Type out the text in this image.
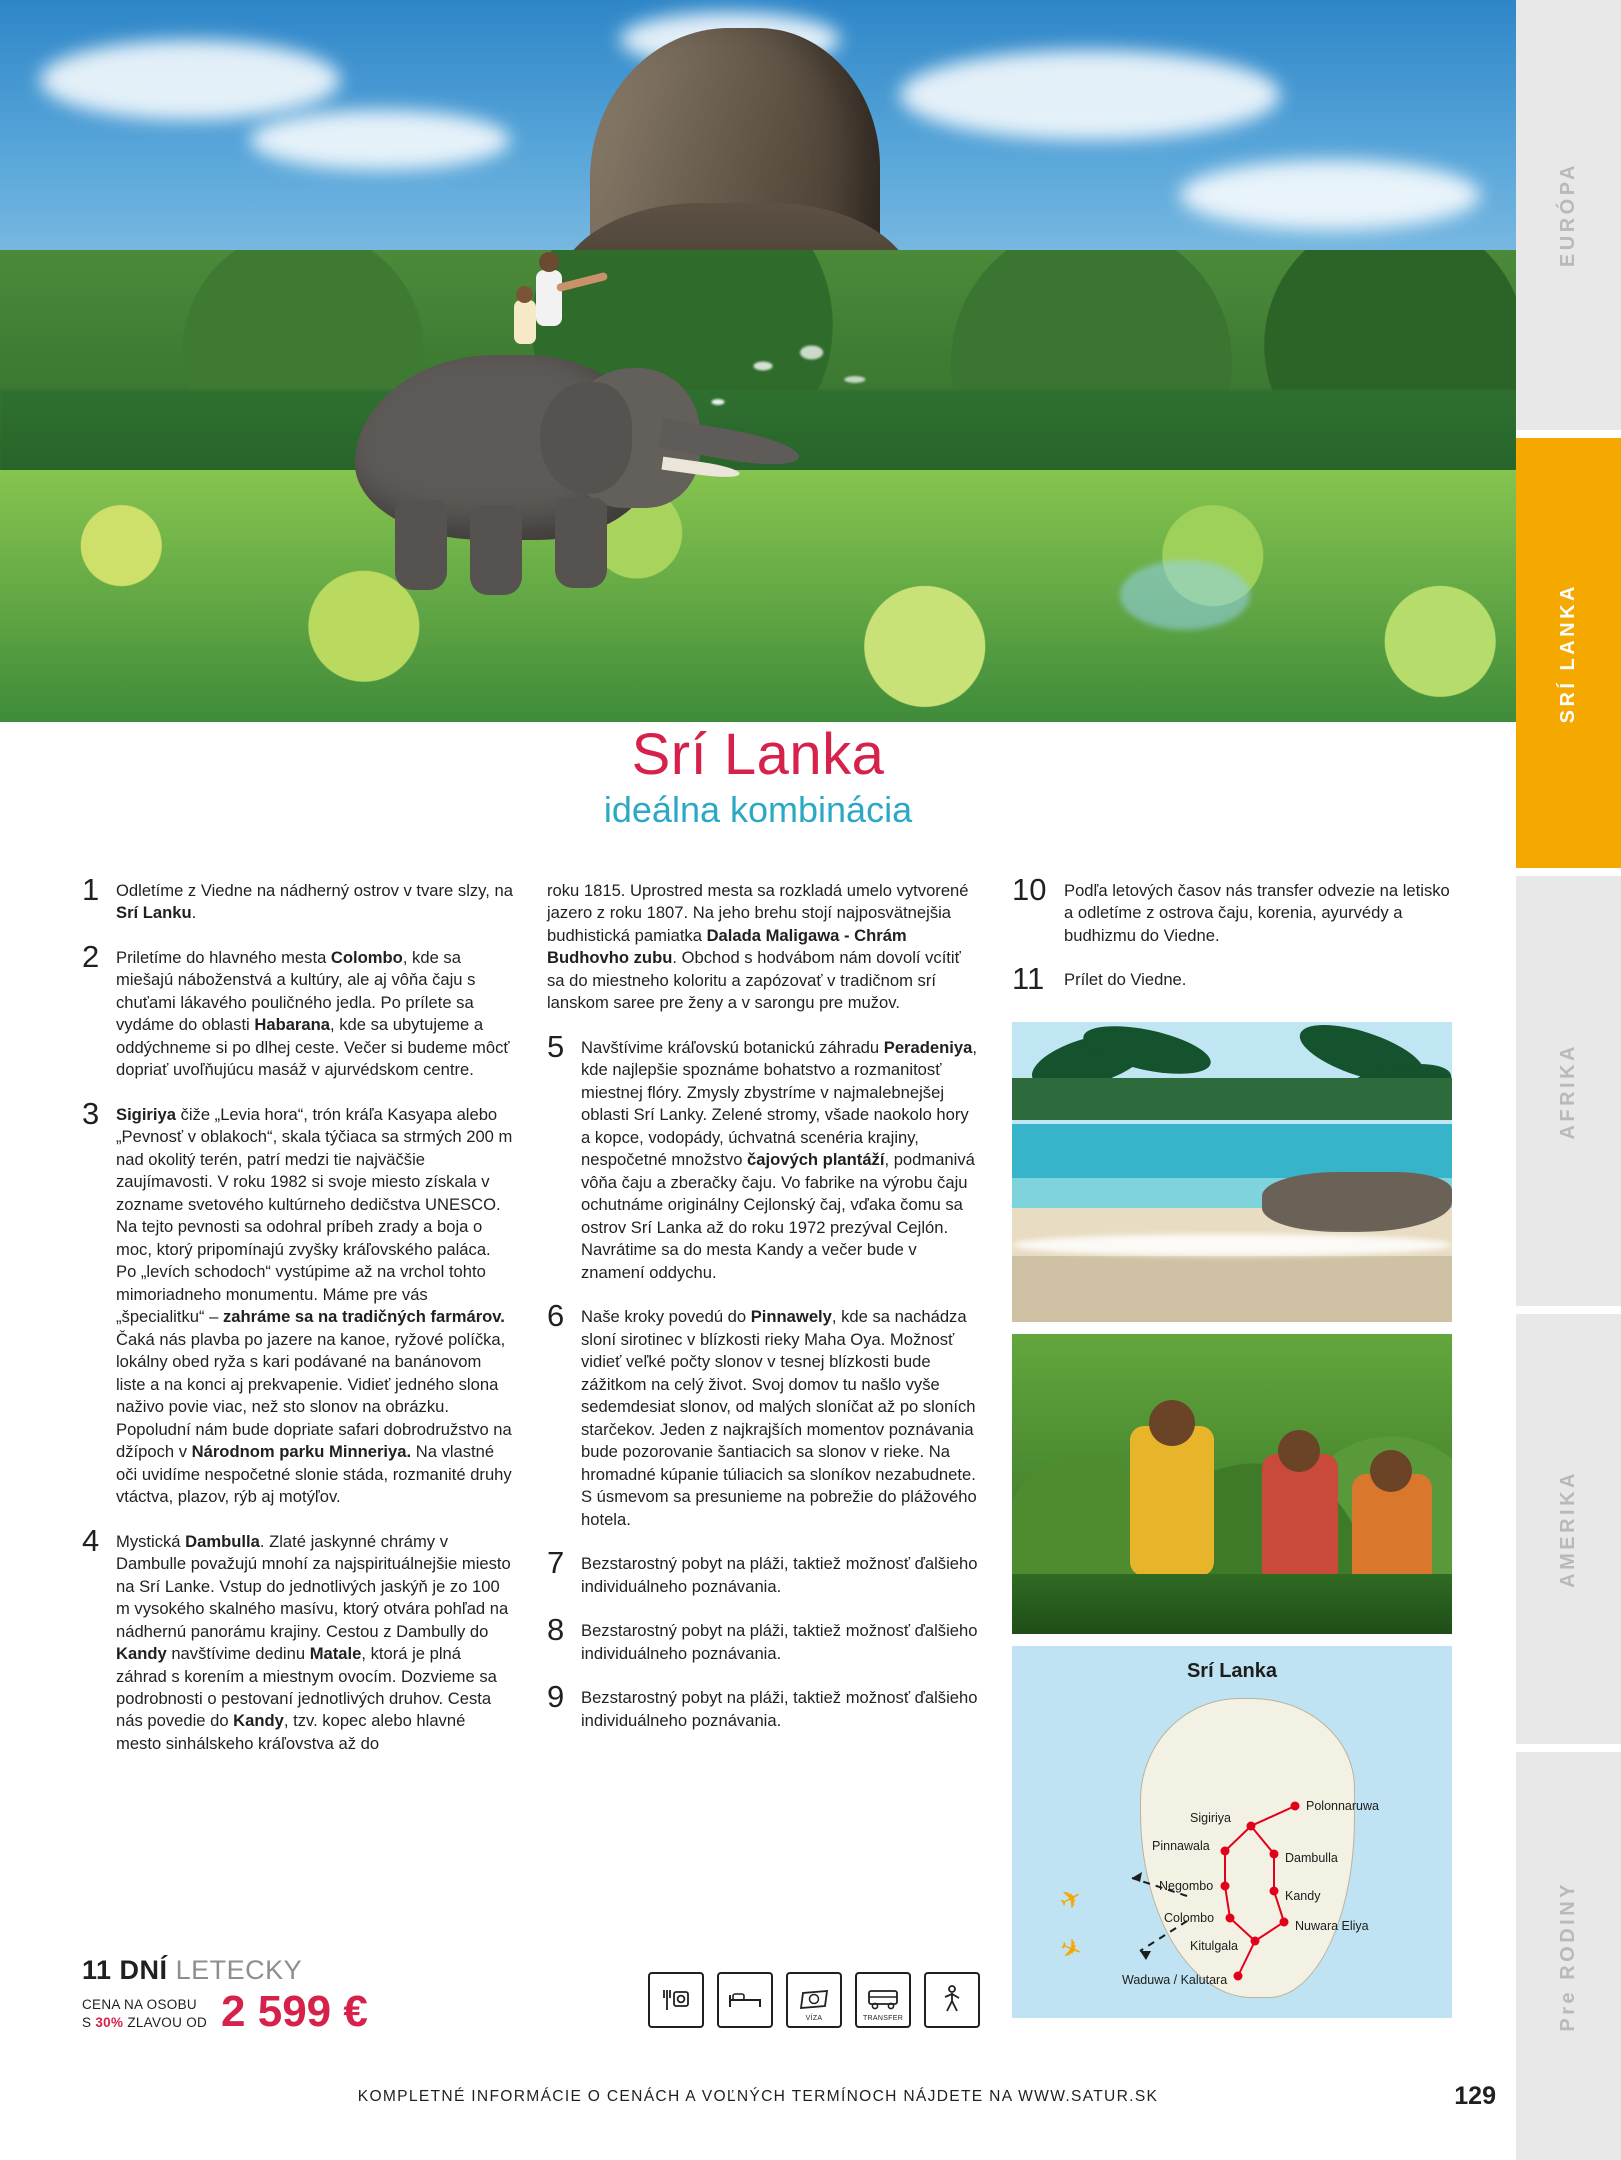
EURÓPA
SRÍ LANKA
AFRIKA
AMERIKA
Pre RODINY
Srí Lanka
ideálna kombinácia
1 Odletíme z Viedne na nádherný ostrov v tvare slzy, na Srí Lanku.
2 Priletíme do hlavného mesta Colombo, kde sa miešajú náboženstvá a kultúry, ale aj vôňa čaju s chuťami lákavého pouličného jedla. Po prílete sa vydáme do oblasti Habarana, kde sa ubytujeme a oddýchneme si po dlhej ceste. Večer si budeme môcť dopriať uvoľňujúcu masáž v ajurvédskom centre.
3 Sigiriya čiže „Levia hora“, trón kráľa Kasyapa alebo „Pevnosť v oblakoch“, skala týčiaca sa strmých 200 m nad okolitý terén, patrí medzi tie najväčšie zaujímavosti. V roku 1982 si svoje miesto získala v zozname svetového kultúrneho dedičstva UNESCO. Na tejto pevnosti sa odohral príbeh zrady a boja o moc, ktorý pripomínajú zvyšky kráľovského paláca. Po „levích schodoch“ vystúpime až na vrchol tohto mimoriadneho monumentu. Máme pre vás „špecialitku“ – zahráme sa na tradičných farmárov. Čaká nás plavba po jazere na kanoe, ryžové políčka, lokálny obed ryža s kari podávané na banánovom liste a na konci aj prekvapenie. Vidieť jedného slona naživo povie viac, než sto slonov na obrázku. Popoludní nám bude dopriate safari dobrodružstvo na džípoch v Národnom parku Minneriya. Na vlastné oči uvidíme nespočetné slonie stáda, rozmanité druhy vtáctva, plazov, rýb aj motýľov.
4 Mystická Dambulla. Zlaté jaskynné chrámy v Dambulle považujú mnohí za najspirituálnejšie miesto na Srí Lanke. Vstup do jednotlivých jaskýň je zo 100 m vysokého skalného masívu, ktorý otvára pohľad na nádhernú panorámu krajiny. Cestou z Dambully do Kandy navštívime dedinu Matale, ktorá je plná záhrad s korením a miestnym ovocím. Dozvieme sa podrobnosti o pestovaní jednotlivých druhov. Cesta nás povedie do Kandy, tzv. kopec alebo hlavné mesto sinhálskeho kráľovstva až do
roku 1815. Uprostred mesta sa rozkladá umelo vytvorené jazero z roku 1807. Na jeho brehu stojí najposvätnejšia budhistická pamiatka Dalada Maligawa - Chrám Budhovho zubu. Obchod s hodvábom nám dovolí vcítiť sa do miestneho koloritu a zapózovať v tradičnom srí lanskom saree pre ženy a v sarongu pre mužov.
5 Navštívime kráľovskú botanickú záhradu Peradeniya, kde najlepšie spoznáme bohatstvo a rozmanitosť miestnej flóry. Zmysly zbystríme v najmalebnejšej oblasti Srí Lanky. Zelené stromy, všade naokolo hory a kopce, vodopády, úchvatná scenéria krajiny, nespočetné množstvo čajových plantáží, podmanivá vôňa čaju a zberačky čaju. Vo fabrike na výrobu čaju ochutnáme originálny Cejlonský čaj, vďaka čomu sa ostrov Srí Lanka až do roku 1972 prezýval Cejlón. Navrátime sa do mesta Kandy a večer bude v znamení oddychu.
6 Naše kroky povedú do Pinnawely, kde sa nachádza sloní sirotinec v blízkosti rieky Maha Oya. Možnosť vidieť veľké počty slonov v tesnej blízkosti bude zážitkom na celý život. Svoj domov tu našlo vyše sedemdesiat slonov, od malých sloníčat až po sloních starčekov. Jeden z najkrajších momentov poznávania bude pozorovanie šantiacich sa slonov v rieke. Na hromadné kúpanie túliacich sa sloníkov nezabudnete. S úsmevom sa presunieme na pobrežie do plážového hotela.
7 Bezstarostný pobyt na pláži, taktiež možnosť ďalšieho individuálneho poznávania.
8 Bezstarostný pobyt na pláži, taktiež možnosť ďalšieho individuálneho poznávania.
9 Bezstarostný pobyt na pláži, taktiež možnosť ďalšieho individuálneho poznávania.
10 Podľa letových časov nás transfer odvezie na letisko a odletíme z ostrova čaju, korenia, ayurvédy a budhizmu do Viedne.
11 Prílet do Viedne.
Srí Lanka
✈
✈
Polonnaruwa
Sigiriya
Pinnawala
Dambulla
Negombo
Kandy
Colombo
Nuwara Eliya
Kitulgala
Waduwa / Kalutara
11 DNÍ LETECKY
CENA NA OSOBU
S 30% ZLAVOU OD 2 599 €	VÍZA	TRANSFER
KOMPLETNÉ INFORMÁCIE O CENÁCH A VOĽNÝCH TERMÍNOCH NÁJDETE NA WWW.SATUR.SK	129
